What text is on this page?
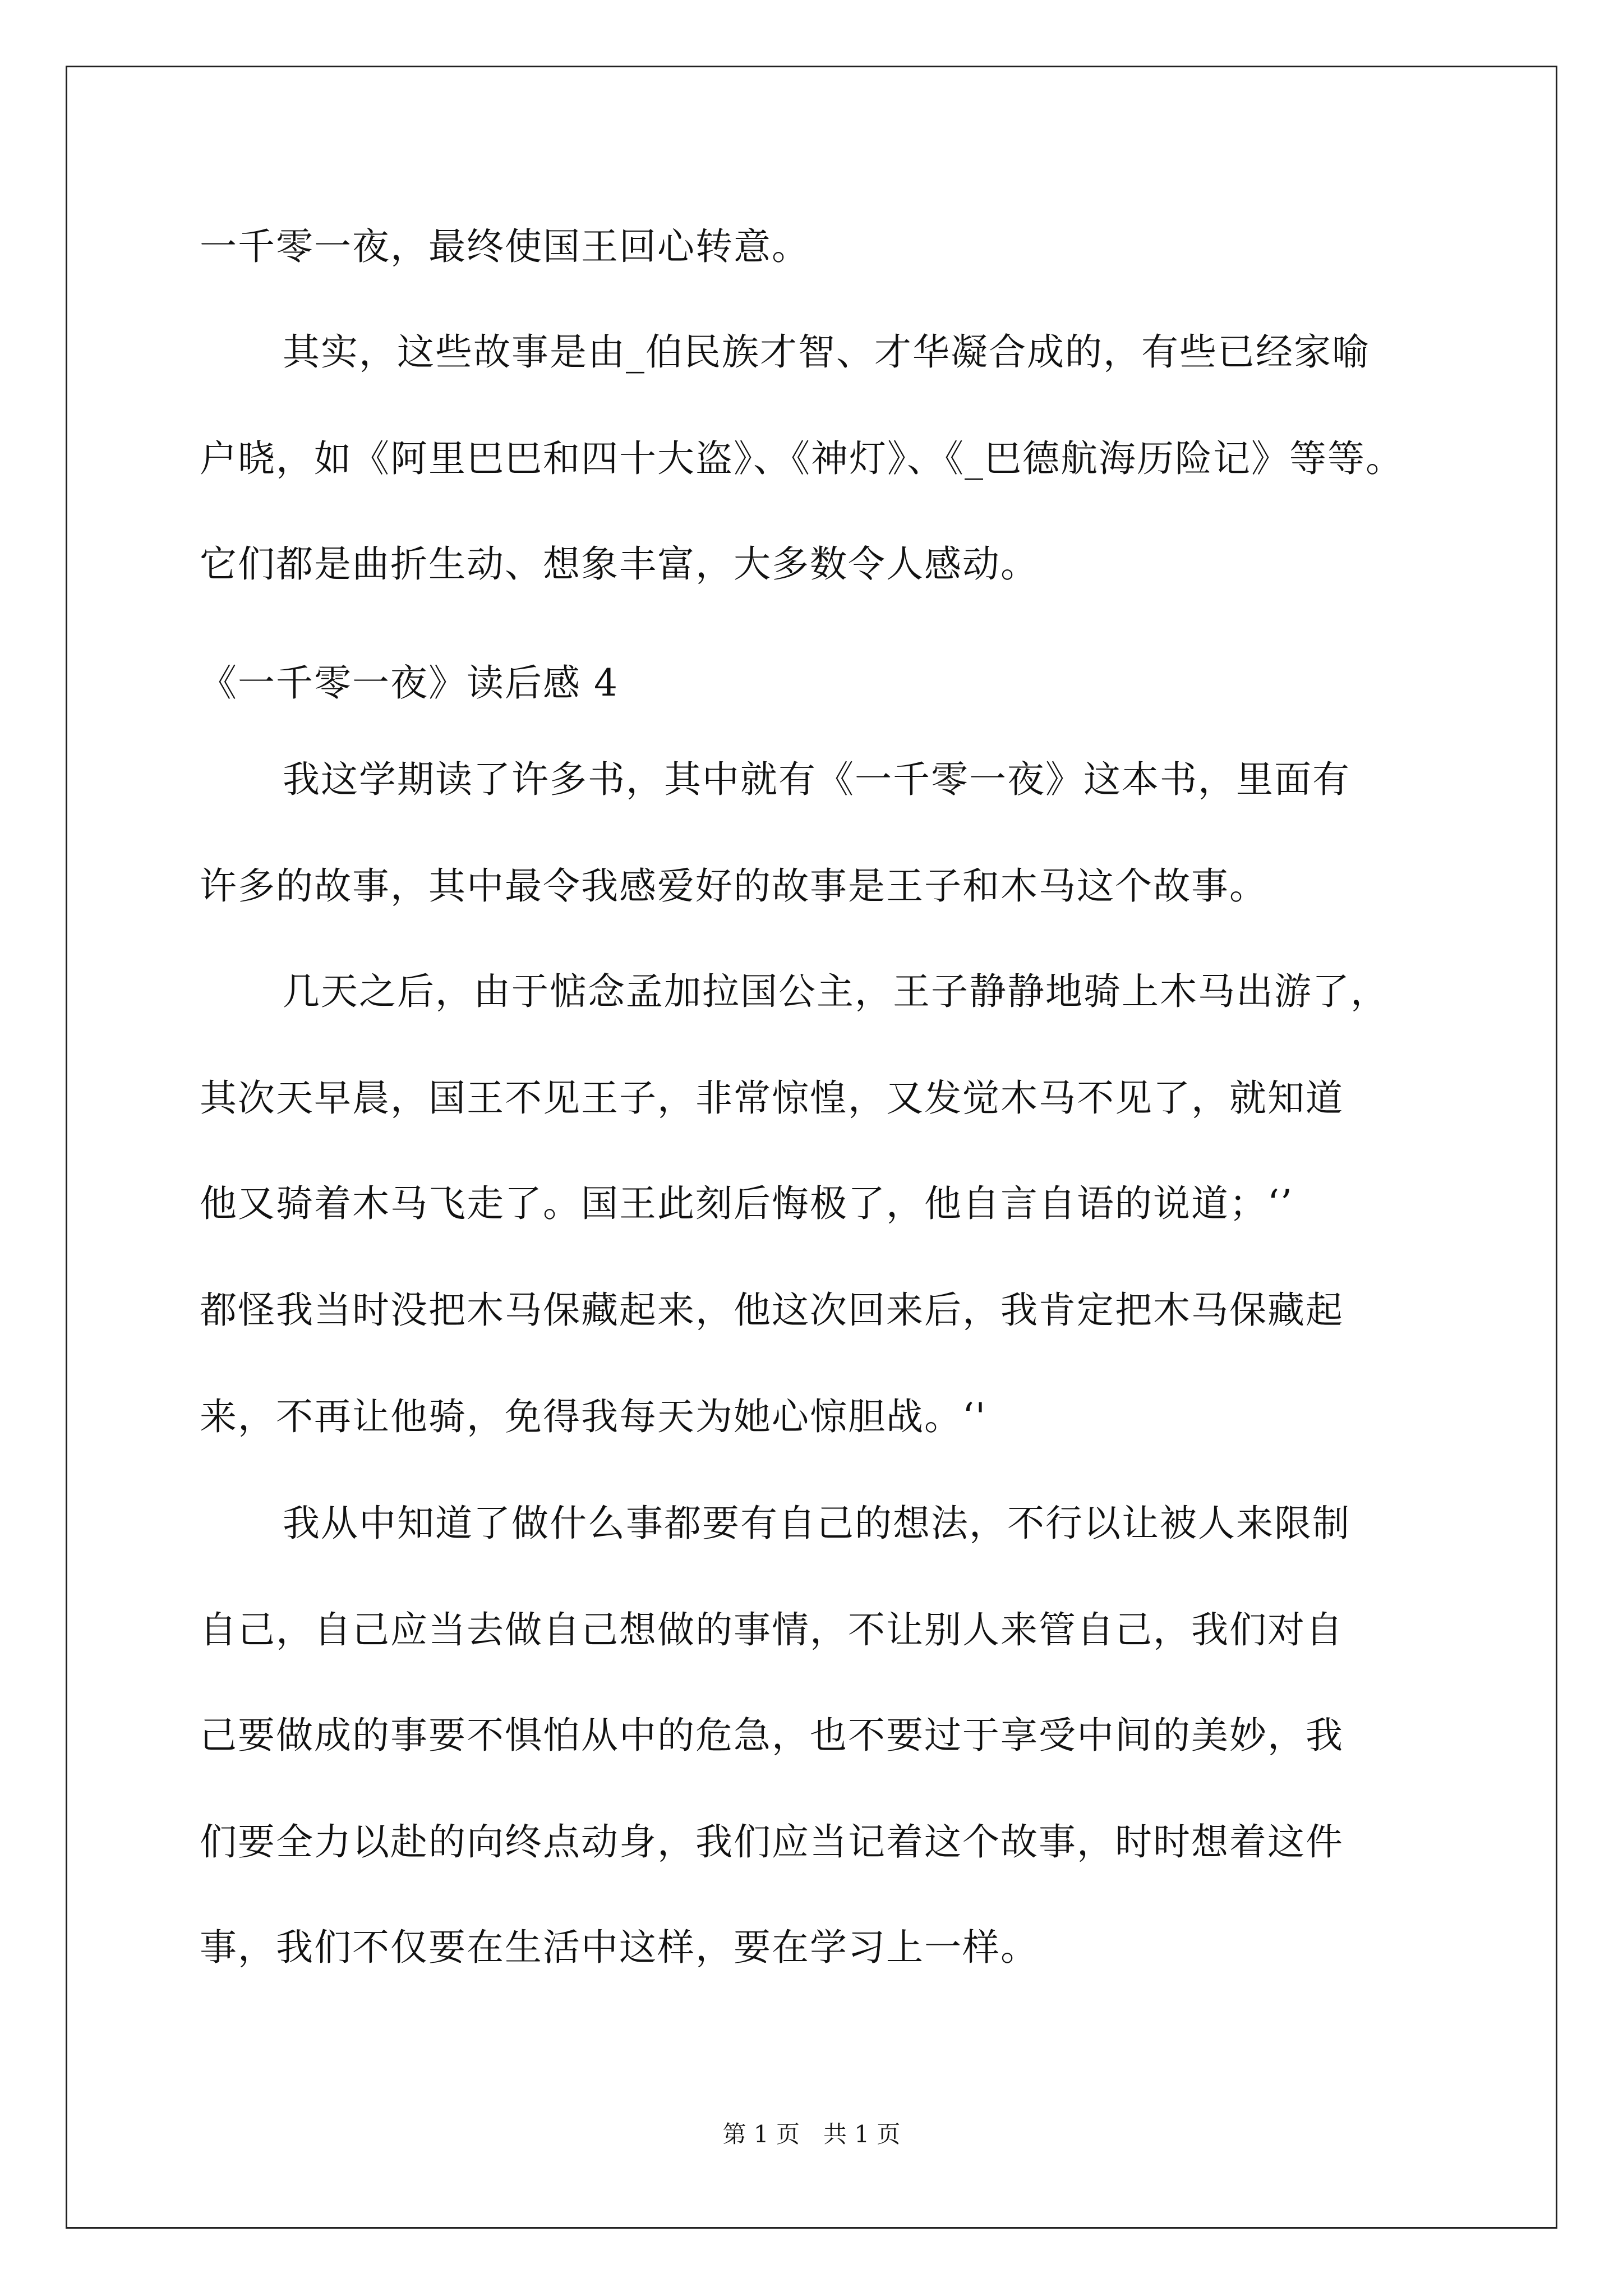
一千零一夜，最终使国王回心转意。
其实，这些故事是由_伯民族才智、才华凝合成的，有些已经家喻
户晓，如《阿里巴巴和四十大盗》、《神灯》、《_巴德航海历险记》等等。
它们都是曲折生动、想象丰富，大多数令人感动。
《一千零一夜》读后感 4
我这学期读了许多书，其中就有《一千零一夜》这本书，里面有
许多的故事，其中最令我感爱好的故事是王子和木马这个故事。
几天之后，由于惦念孟加拉国公主，王子静静地骑上木马出游了，
其次天早晨，国王不见王子，非常惊惶，又发觉木马不见了，就知道
他又骑着木马飞走了。国王此刻后悔极了，他自言自语的说道；‘’
都怪我当时没把木马保藏起来，他这次回来后，我肯定把木马保藏起
来，不再让他骑，免得我每天为她心惊胆战。‘'
我从中知道了做什么事都要有自己的想法，不行以让被人来限制
自己，自己应当去做自己想做的事情，不让别人来管自己，我们对自
己要做成的事要不惧怕从中的危急，也不要过于享受中间的美妙，我
们要全力以赴的向终点动身，我们应当记着这个故事，时时想着这件
事，我们不仅要在生活中这样，要在学习上一样。
第 1 页　共 1 页
